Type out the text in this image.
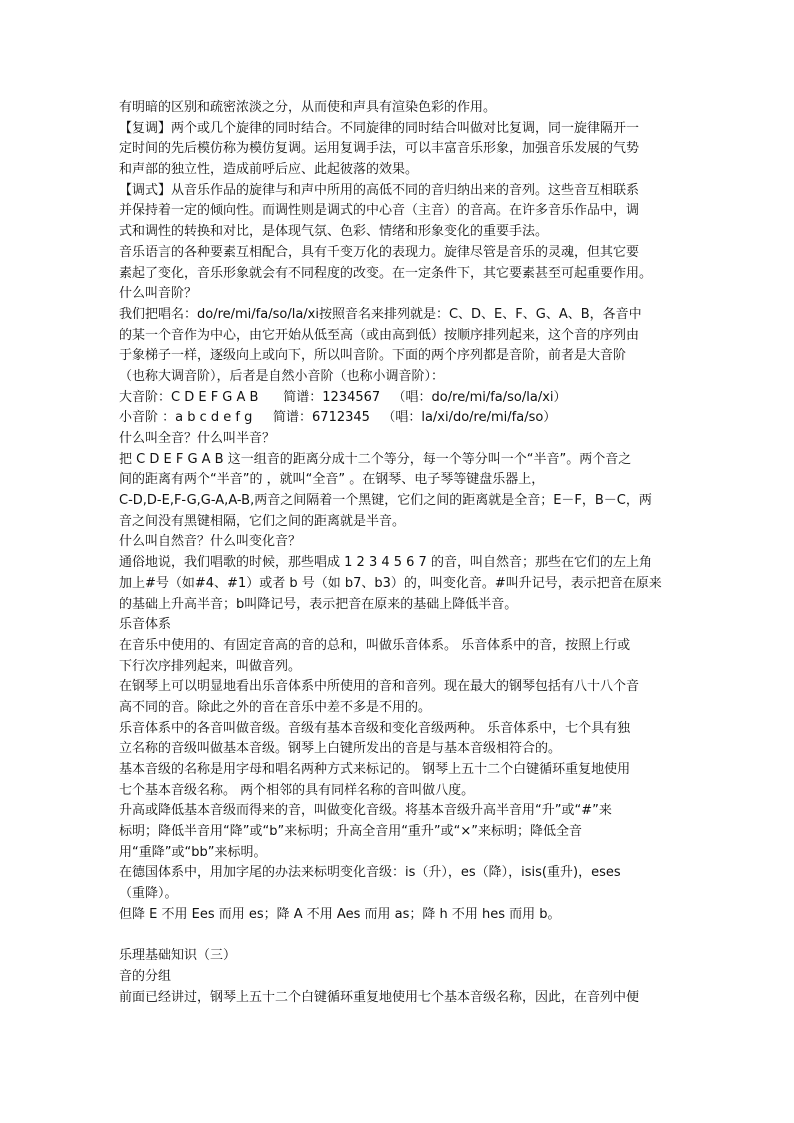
有明暗的区别和疏密浓淡之分，从而使和声具有渲染色彩的作用。
【复调】两个或几个旋律的同时结合。不同旋律的同时结合叫做对比复调，同一旋律隔开一
定时间的先后模仿称为模仿复调。运用复调手法，可以丰富音乐形象，加强音乐发展的气势
和声部的独立性，造成前呼后应、此起彼落的效果。
【调式】从音乐作品的旋律与和声中所用的高低不同的音归纳出来的音列。这些音互相联系
并保持着一定的倾向性。而调性则是调式的中心音（主音）的音高。在许多音乐作品中，调
式和调性的转换和对比，是体现气氛、色彩、情绪和形象变化的重要手法。
音乐语言的各种要素互相配合，具有千变万化的表现力。旋律尽管是音乐的灵魂，但其它要
素起了变化，音乐形象就会有不同程度的改变。在一定条件下，其它要素甚至可起重要作用。
什么叫音阶？
我们把唱名：do/re/mi/fa/so/la/xi按照音名来排列就是：C、D、E、F、G、A、B，各音中
的某一个音作为中心，由它开始从低至高（或由高到低）按顺序排列起来，这个音的序列由
于象梯子一样，逐级向上或向下，所以叫音阶。下面的两个序列都是音阶，前者是大音阶
（也称大调音阶），后者是自然小音阶（也称小调音阶）：
大音阶：C D E F G A B      简谱：1234567   （唱：do/re/mi/fa/so/la/xi）
小音阶 ：a b c d e f g     简谱：6712345   （唱：la/xi/do/re/mi/fa/so）
什么叫全音？什么叫半音？
把 C D E F G A B 这一组音的距离分成十二个等分，每一个等分叫一个“半音”。两个音之
间的距离有两个“半音”的 ，就叫“全音” 。在钢琴、电子琴等键盘乐器上，
C-D,D-E,F-G,G-A,A-B,两音之间隔着一个黑键，它们之间的距离就是全音；E－F，B－C，两
音之间没有黑键相隔，它们之间的距离就是半音。
什么叫自然音？什么叫变化音？
通俗地说，我们唱歌的时候，那些唱成 1 2 3 4 5 6 7 的音，叫自然音；那些在它们的左上角
加上#号（如#4、#1）或者 b 号（如 b7、b3）的，叫变化音。#叫升记号，表示把音在原来
的基础上升高半音；b叫降记号，表示把音在原来的基础上降低半音。
乐音体系
在音乐中使用的、有固定音高的音的总和，叫做乐音体系。 乐音体系中的音，按照上行或
下行次序排列起来，叫做音列。
在钢琴上可以明显地看出乐音体系中所使用的音和音列。现在最大的钢琴包括有八十八个音
高不同的音。除此之外的音在音乐中差不多是不用的。
乐音体系中的各音叫做音级。音级有基本音级和变化音级两种。 乐音体系中，七个具有独
立名称的音级叫做基本音级。钢琴上白键所发出的音是与基本音级相符合的。
基本音级的名称是用字母和唱名两种方式来标记的。 钢琴上五十二个白键循环重复地使用
七个基本音级名称。 两个相邻的具有同样名称的音叫做八度。
升高或降低基本音级而得来的音，叫做变化音级。将基本音级升高半音用“升”或“#”来
标明；降低半音用“降”或“b”来标明；升高全音用“重升”或“×”来标明；降低全音
用“重降”或“bb”来标明。
在德国体系中，用加字尾的办法来标明变化音级：is（升），es（降），isis(重升)，eses
（重降）。
但降 E 不用 Ees 而用 es；降 A 不用 Aes 而用 as；降 h 不用 hes 而用 b。
乐理基础知识（三）
音的分组
前面已经讲过，钢琴上五十二个白键循环重复地使用七个基本音级名称，因此，在音列中便
